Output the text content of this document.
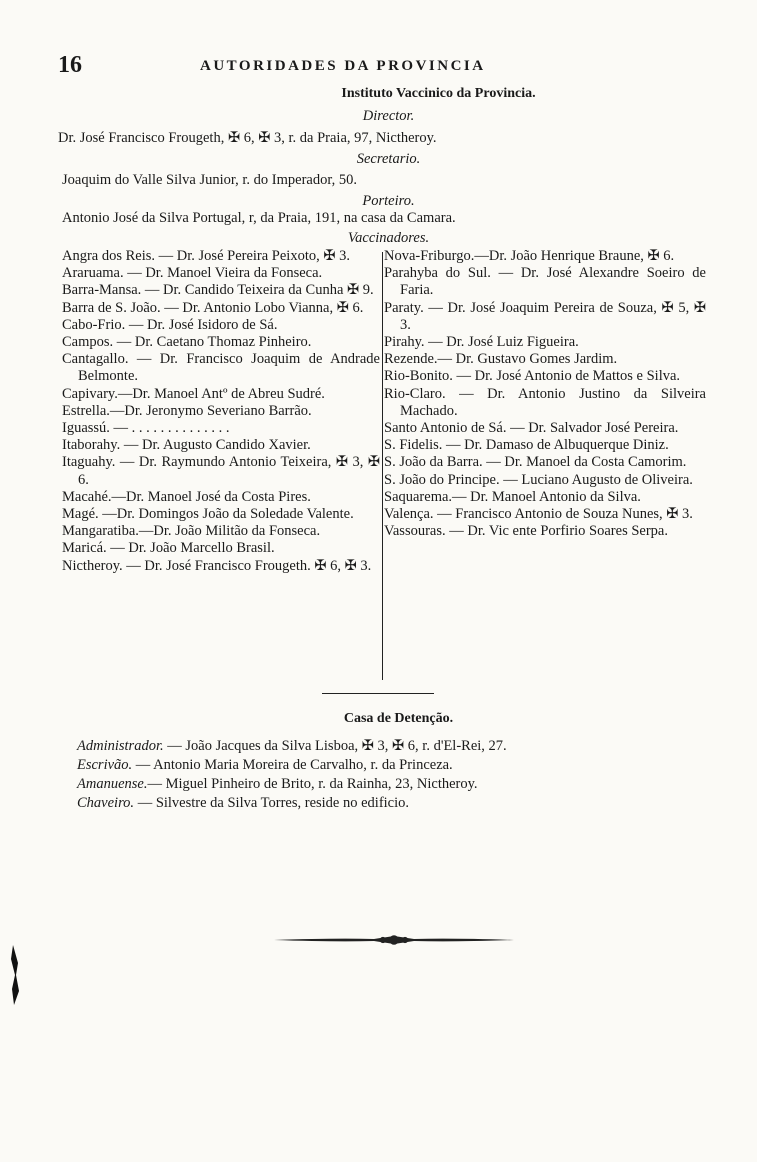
16	AUTORIDADES DA PROVINCIA
Instituto Vaccinico da Provincia.
Director.
Dr. José Francisco Frougeth, ✠ 6, ✠ 3, r. da Praia, 97, Nictheroy.
Secretario.
Joaquim do Valle Silva Junior, r. do Imperador, 50.
Porteiro.
Antonio José da Silva Portugal, r, da Praia, 191, na casa da Camara.
Vaccinadores.
Angra dos Reis. — Dr. José Pereira Peixoto, ✠ 3.
Araruama. — Dr. Manoel Vieira da Fonseca.
Barra-Mansa. — Dr. Candido Teixeira da Cunha ✠ 9.
Barra de S. João. — Dr. Antonio Lobo Vianna, ✠ 6.
Cabo-Frio. — Dr. José Isidoro de Sá.
Campos. — Dr. Caetano Thomaz Pinheiro.
Cantagallo. — Dr. Francisco Joaquim de Andrade Belmonte.
Capivary.—Dr. Manoel Antº de Abreu Sudré.
Estrella.—Dr. Jeronymo Severiano Barrão.
Iguassú. — . . . . . . . . . . . . . .
Itaborahy. — Dr. Augusto Candido Xavier.
Itaguahy. — Dr. Raymundo Antonio Teixeira, ✠ 3, ✠ 6.
Macahé.—Dr. Manoel José da Costa Pires.
Magé. —Dr. Domingos João da Soledade Valente.
Mangaratiba.—Dr. João Militão da Fonseca.
Maricá. — Dr. João Marcello Brasil.
Nictheroy. — Dr. José Francisco Frougeth. ✠ 6, ✠ 3.
Nova-Friburgo.—Dr. João Henrique Braune, ✠ 6.
Parahyba do Sul. — Dr. José Alexandre Soeiro de Faria.
Paraty. — Dr. José Joaquim Pereira de Souza, ✠ 5, ✠ 3.
Pirahy. — Dr. José Luiz Figueira.
Rezende.— Dr. Gustavo Gomes Jardim.
Rio-Bonito. — Dr. José Antonio de Mattos e Silva.
Rio-Claro. — Dr. Antonio Justino da Silveira Machado.
Santo Antonio de Sá. — Dr. Salvador José Pereira.
S. Fidelis. — Dr. Damaso de Albuquerque Diniz.
S. João da Barra. — Dr. Manoel da Costa Camorim.
S. João do Principe. — Luciano Augusto de Oliveira.
Saquarema.— Dr. Manoel Antonio da Silva.
Valença. — Francisco Antonio de Souza Nunes, ✠ 3.
Vassouras. — Dr. Vic ente Porfirio Soares Serpa.
Casa de Detenção.
Administrador. — João Jacques da Silva Lisboa, ✠ 3, ✠ 6, r. d'El-Rei, 27.
Escrivão. — Antonio Maria Moreira de Carvalho, r. da Princeza.
Amanuense.— Miguel Pinheiro de Brito, r. da Rainha, 23, Nictheroy.
Chaveiro. — Silvestre da Silva Torres, reside no edificio.
